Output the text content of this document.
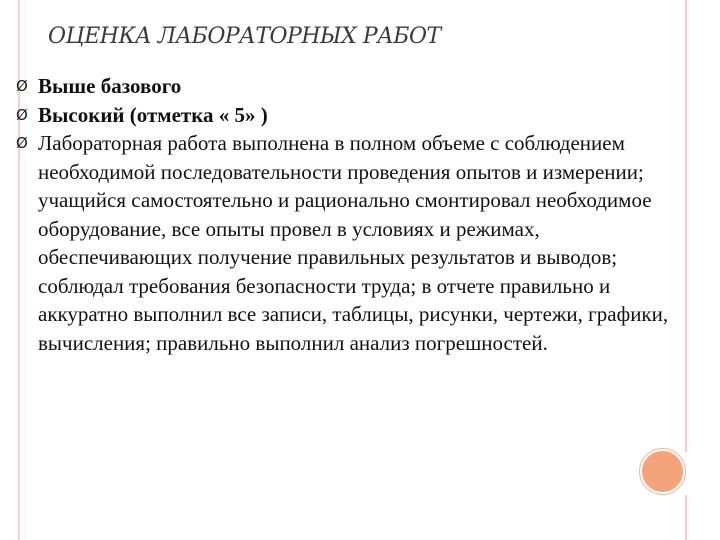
ОЦЕНКА ЛАБОРАТОРНЫХ РАБОТ
Ø Выше базового
Ø Высокий (отметка « 5» )
Ø Лабораторная работа выполнена в полном объеме с соблюдением необходимой последовательности проведения опытов и измерении; учащийся самостоятельно и рационально смонтировал необходимое оборудование, все опыты провел в условиях и режимах, обеспечивающих получение правильных результатов и выводов; соблюдал требования безопасности труда; в отчете правильно и аккуратно выполнил все записи, таблицы, рисунки, чертежи, графики, вычисления; правильно выполнил анализ погрешностей.
